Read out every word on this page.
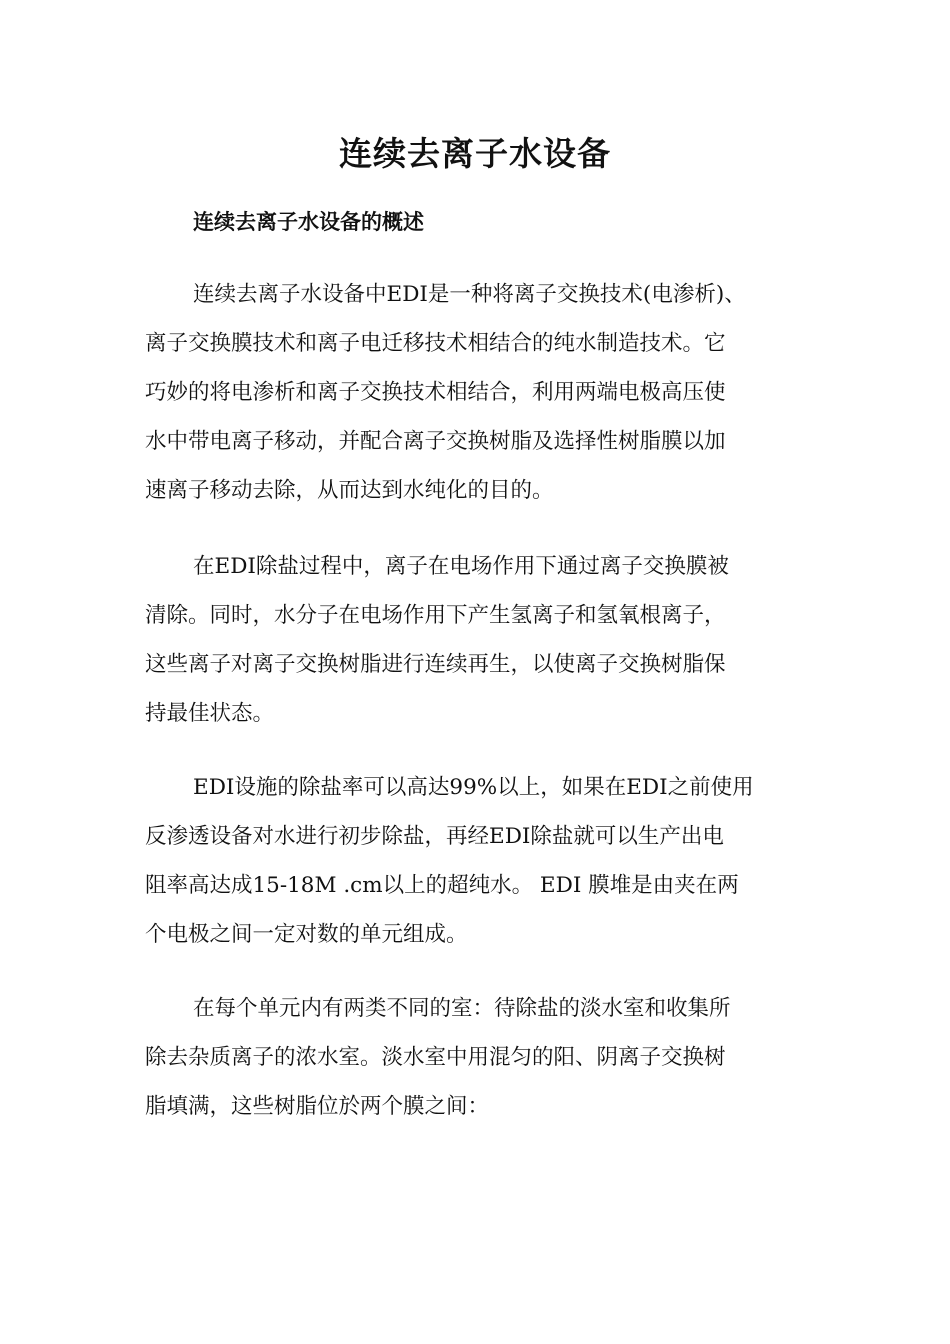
连续去离子水设备
连续去离子水设备的概述
连续去离子水设备中EDI是一种将离子交换技术(电渗析)、
离子交换膜技术和离子电迁移技术相结合的纯水制造技术。它
巧妙的将电渗析和离子交换技术相结合，利用两端电极高压使
水中带电离子移动，并配合离子交换树脂及选择性树脂膜以加
速离子移动去除，从而达到水纯化的目的。
在EDI除盐过程中，离子在电场作用下通过离子交换膜被
清除。同时，水分子在电场作用下产生氢离子和氢氧根离子，
这些离子对离子交换树脂进行连续再生，以使离子交换树脂保
持最佳状态。
EDI设施的除盐率可以高达99%以上，如果在EDI之前使用
反渗透设备对水进行初步除盐，再经EDI除盐就可以生产出电
阻率高达成15-18M .cm以上的超纯水。 EDI 膜堆是由夹在两
个电极之间一定对数的单元组成。
在每个单元内有两类不同的室：待除盐的淡水室和收集所
除去杂质离子的浓水室。淡水室中用混匀的阳、阴离子交换树
脂填满，这些树脂位於两个膜之间：
